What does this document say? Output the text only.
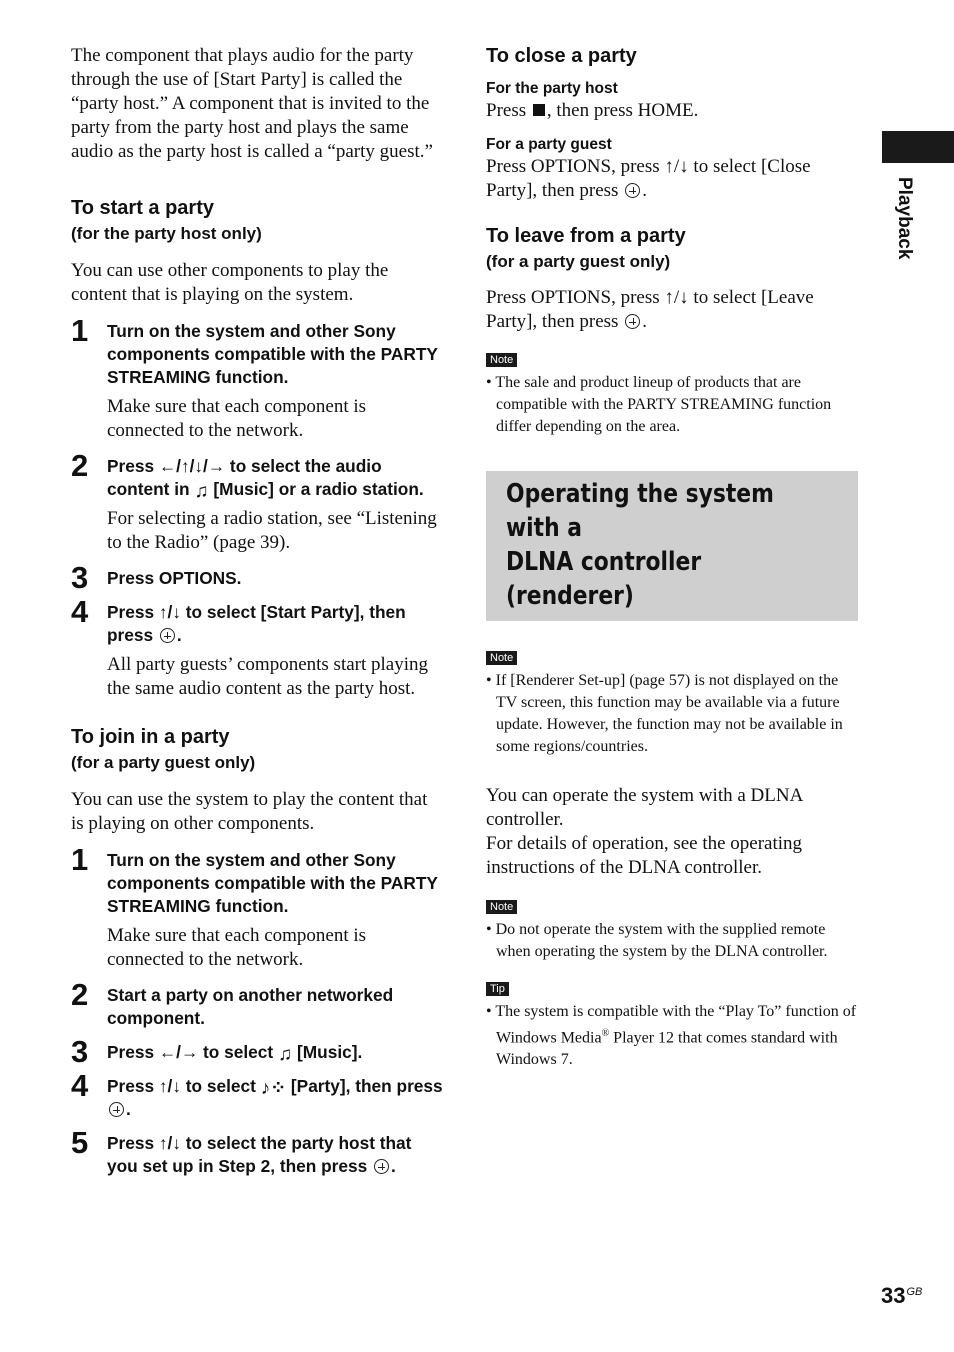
Playback

The component that plays audio for the party through the use of [Start Party] is called the “party host.” A component that is invited to the party from the party host and plays the same audio as the party host is called a “party guest.”

To start a party
(for the party host only)

You can use other components to play the content that is playing on the system.

1 Turn on the system and other Sony components compatible with the PARTY STREAMING function.
Make sure that each component is connected to the network.
2 Press ←/↑/↓/→ to select the audio content in ♫ [Music] or a radio station.
For selecting a radio station, see “Listening to the Radio” (page 39).
3 Press OPTIONS.
4 Press ↑/↓ to select [Start Party], then press .
All party guests’ components start playing the same audio content as the party host.
To join in a party
(for a party guest only)

You can use the system to play the content that is playing on other components.

1 Turn on the system and other Sony components compatible with the PARTY STREAMING function.
Make sure that each component is connected to the network.
2 Start a party on another networked component.
3 Press ←/→ to select ♫ [Music].
4 Press ↑/↓ to select ♪⁘ [Party], then press .
5 Press ↑/↓ to select the party host that you set up in Step 2, then press .
To close a party
For the party host

Press , then press HOME.

For a party guest

Press OPTIONS, press ↑/↓ to select [Close Party], then press .

To leave from a party
(for a party guest only)

Press OPTIONS, press ↑/↓ to select [Leave Party], then press .

Note

• The sale and product lineup of products that are compatible with the PARTY STREAMING function differ depending on the area.

Operating the system with a
DLNA controller (renderer)
Note

• If [Renderer Set-up] (page 57) is not displayed on the TV screen, this function may be available via a future update. However, the function may not be available in some regions/countries.

You can operate the system with a DLNA controller.

For details of operation, see the operating instructions of the DLNA controller.

Note

• Do not operate the system with the supplied remote when operating the system by the DLNA controller.

Tip

• The system is compatible with the “Play To” function of Windows Media® Player 12 that comes standard with Windows 7.

$33^{GB}$
